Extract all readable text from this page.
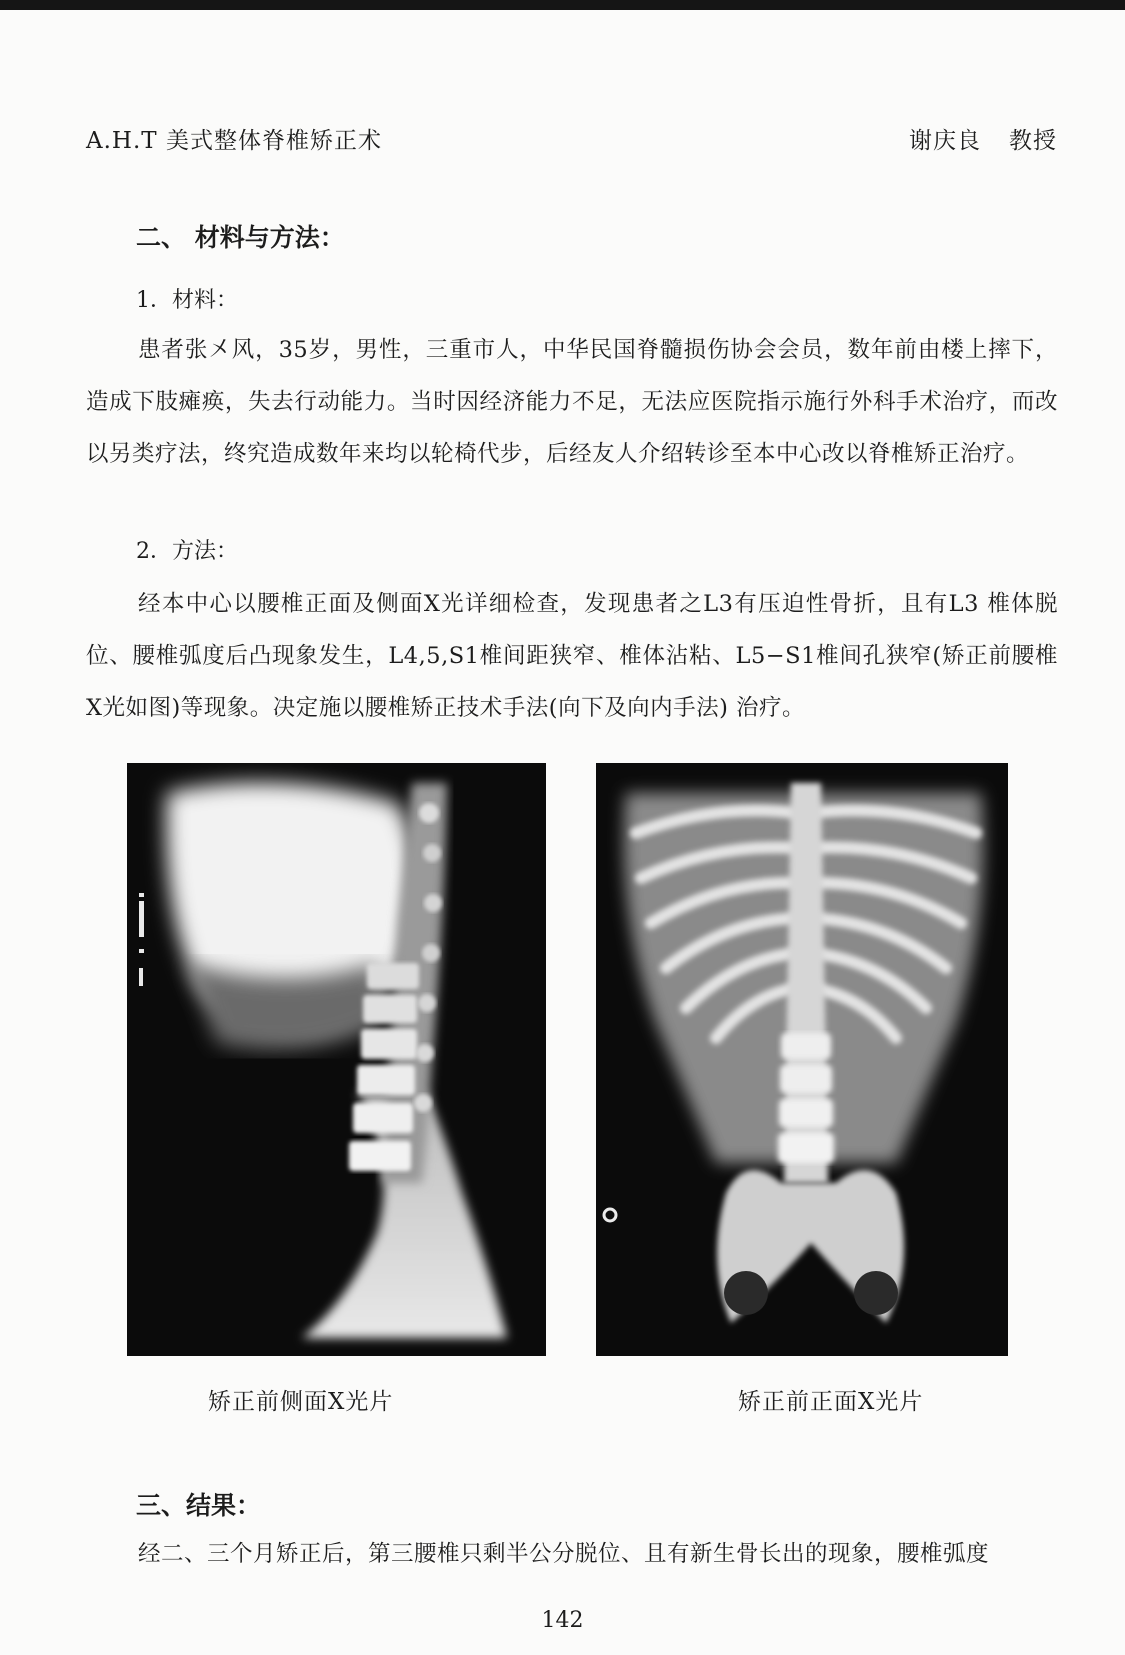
A.H.T 美式整体脊椎矫正术	谢庆良 教授
二、 材料与方法：
1．材料：

患者张㐅风，35岁，男性，三重市人，中华民国脊髓损伤协会会员，数年前由楼上摔下，造成下肢瘫痪，失去行动能力。当时因经济能力不足，无法应医院指示施行外科手术治疗，而改以另类疗法，终究造成数年来均以轮椅代步，后经友人介绍转诊至本中心改以脊椎矫正治疗。

2．方法：

经本中心以腰椎正面及侧面X光详细检查，发现患者之L3有压迫性骨折，且有L3 椎体脱位、腰椎弧度后凸现象发生，L4,5,S1椎间距狭窄、椎体沾粘、L5−S1椎间孔狭窄(矫正前腰椎X光如图)等现象。决定施以腰椎矫正技术手法(向下及向内手法) 治疗。

矫正前侧面X光片	矫正前正面X光片
三、结果：

经二、三个月矫正后，第三腰椎只剩半公分脱位、且有新生骨长出的现象，腰椎弧度

142
